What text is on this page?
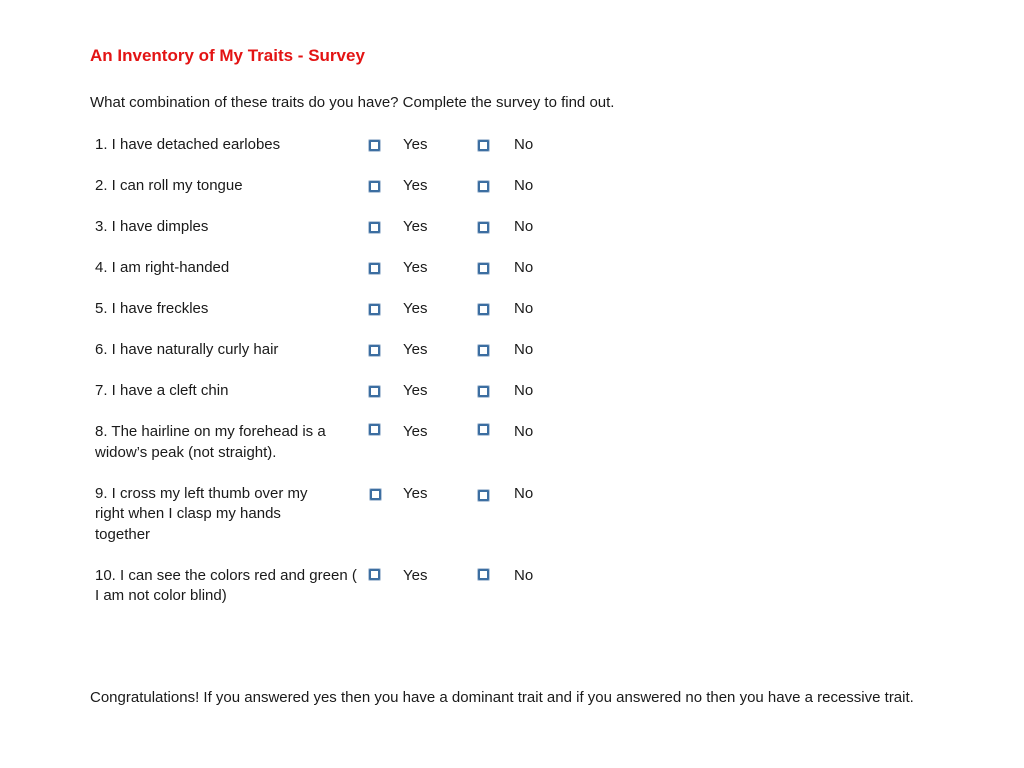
An Inventory of My Traits - Survey
What combination of these traits do you have? Complete the survey to find out.
1. I have detached earlobes	Yes	No
2. I can roll my tongue	Yes	No
3. I have dimples	Yes	No
4. I am right-handed	Yes	No
5. I have freckles	Yes	No
6. I have naturally curly hair	Yes	No
7. I have a cleft chin	Yes	No
8. The hairline on my forehead is a widow’s peak (not straight).
Yes	No
9. I cross my left thumb over my right when I clasp my hands together
Yes	No
10. I can see the colors red and green ( I am not color blind)
Yes	No
Congratulations! If you answered yes then you have a dominant trait and if you answered no then you have a recessive trait.
